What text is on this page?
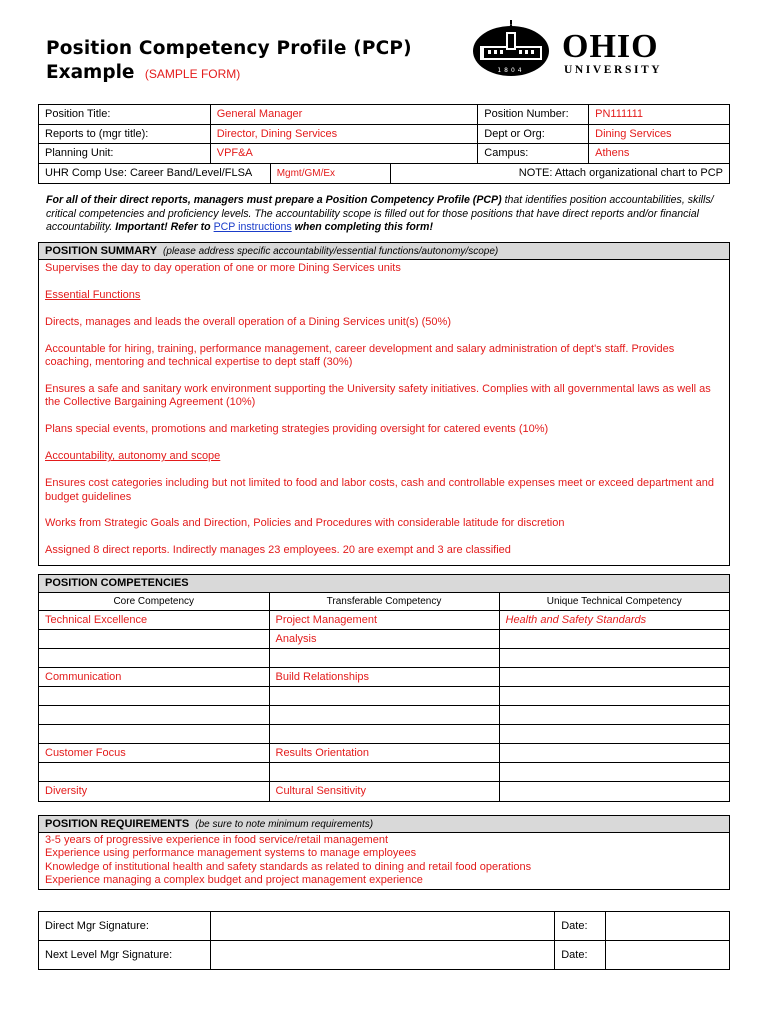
Position Competency Profile (PCP)
Example (SAMPLE FORM)	1804
OHIO
UNIVERSITY
Position Title:	General Manager	Position Number:	PN111111
Reports to (mgr title):	Director, Dining Services	Dept or Org:	Dining Services
Planning Unit:	VPF&A	Campus:	Athens
UHR Comp Use: Career Band/Level/FLSA	Mgmt/GM/Ex	NOTE: Attach organizational chart to PCP
For all of their direct reports, managers must prepare a Position Competency Profile (PCP) that identifies position accountabilities, skills/ critical competencies and proficiency levels. The accountability scope is filled out for those positions that have direct reports and/or financial accountability. Important! Refer to PCP instructions when completing this form!
POSITION SUMMARY (please address specific accountability/essential functions/autonomy/scope)

Supervises the day to day operation of one or more Dining Services units

Essential Functions

Directs, manages and leads the overall operation of a Dining Services unit(s) (50%)

Accountable for hiring, training, performance management, career development and salary administration of dept's staff. Provides coaching, mentoring and technical expertise to dept staff (30%)

Ensures a safe and sanitary work environment supporting the University safety initiatives. Complies with all governmental laws as well as the Collective Bargaining Agreement (10%)

Plans special events, promotions and marketing strategies providing oversight for catered events (10%)

Accountability, autonomy and scope

Ensures cost categories including but not limited to food and labor costs, cash and controllable expenses meet or exceed department and budget guidelines

Works from Strategic Goals and Direction, Policies and Procedures with considerable latitude for discretion

Assigned 8 direct reports. Indirectly manages 23 employees. 20 are exempt and 3 are classified

POSITION COMPETENCIES
Core Competency	Transferable Competency	Unique Technical Competency
Technical Excellence	Project Management	Health and Safety Standards
	Analysis	

Communication	Build Relationships	

Customer Focus	Results Orientation	

Diversity	Cultural Sensitivity	
POSITION REQUIREMENTS (be sure to note minimum requirements)
3-5 years of progressive experience in food service/retail management
Experience using performance management systems to manage employees
Knowledge of institutional health and safety standards as related to dining and retail food operations
Experience managing a complex budget and project management experience
Direct Mgr Signature:		Date:	
Next Level Mgr Signature:		Date:	
